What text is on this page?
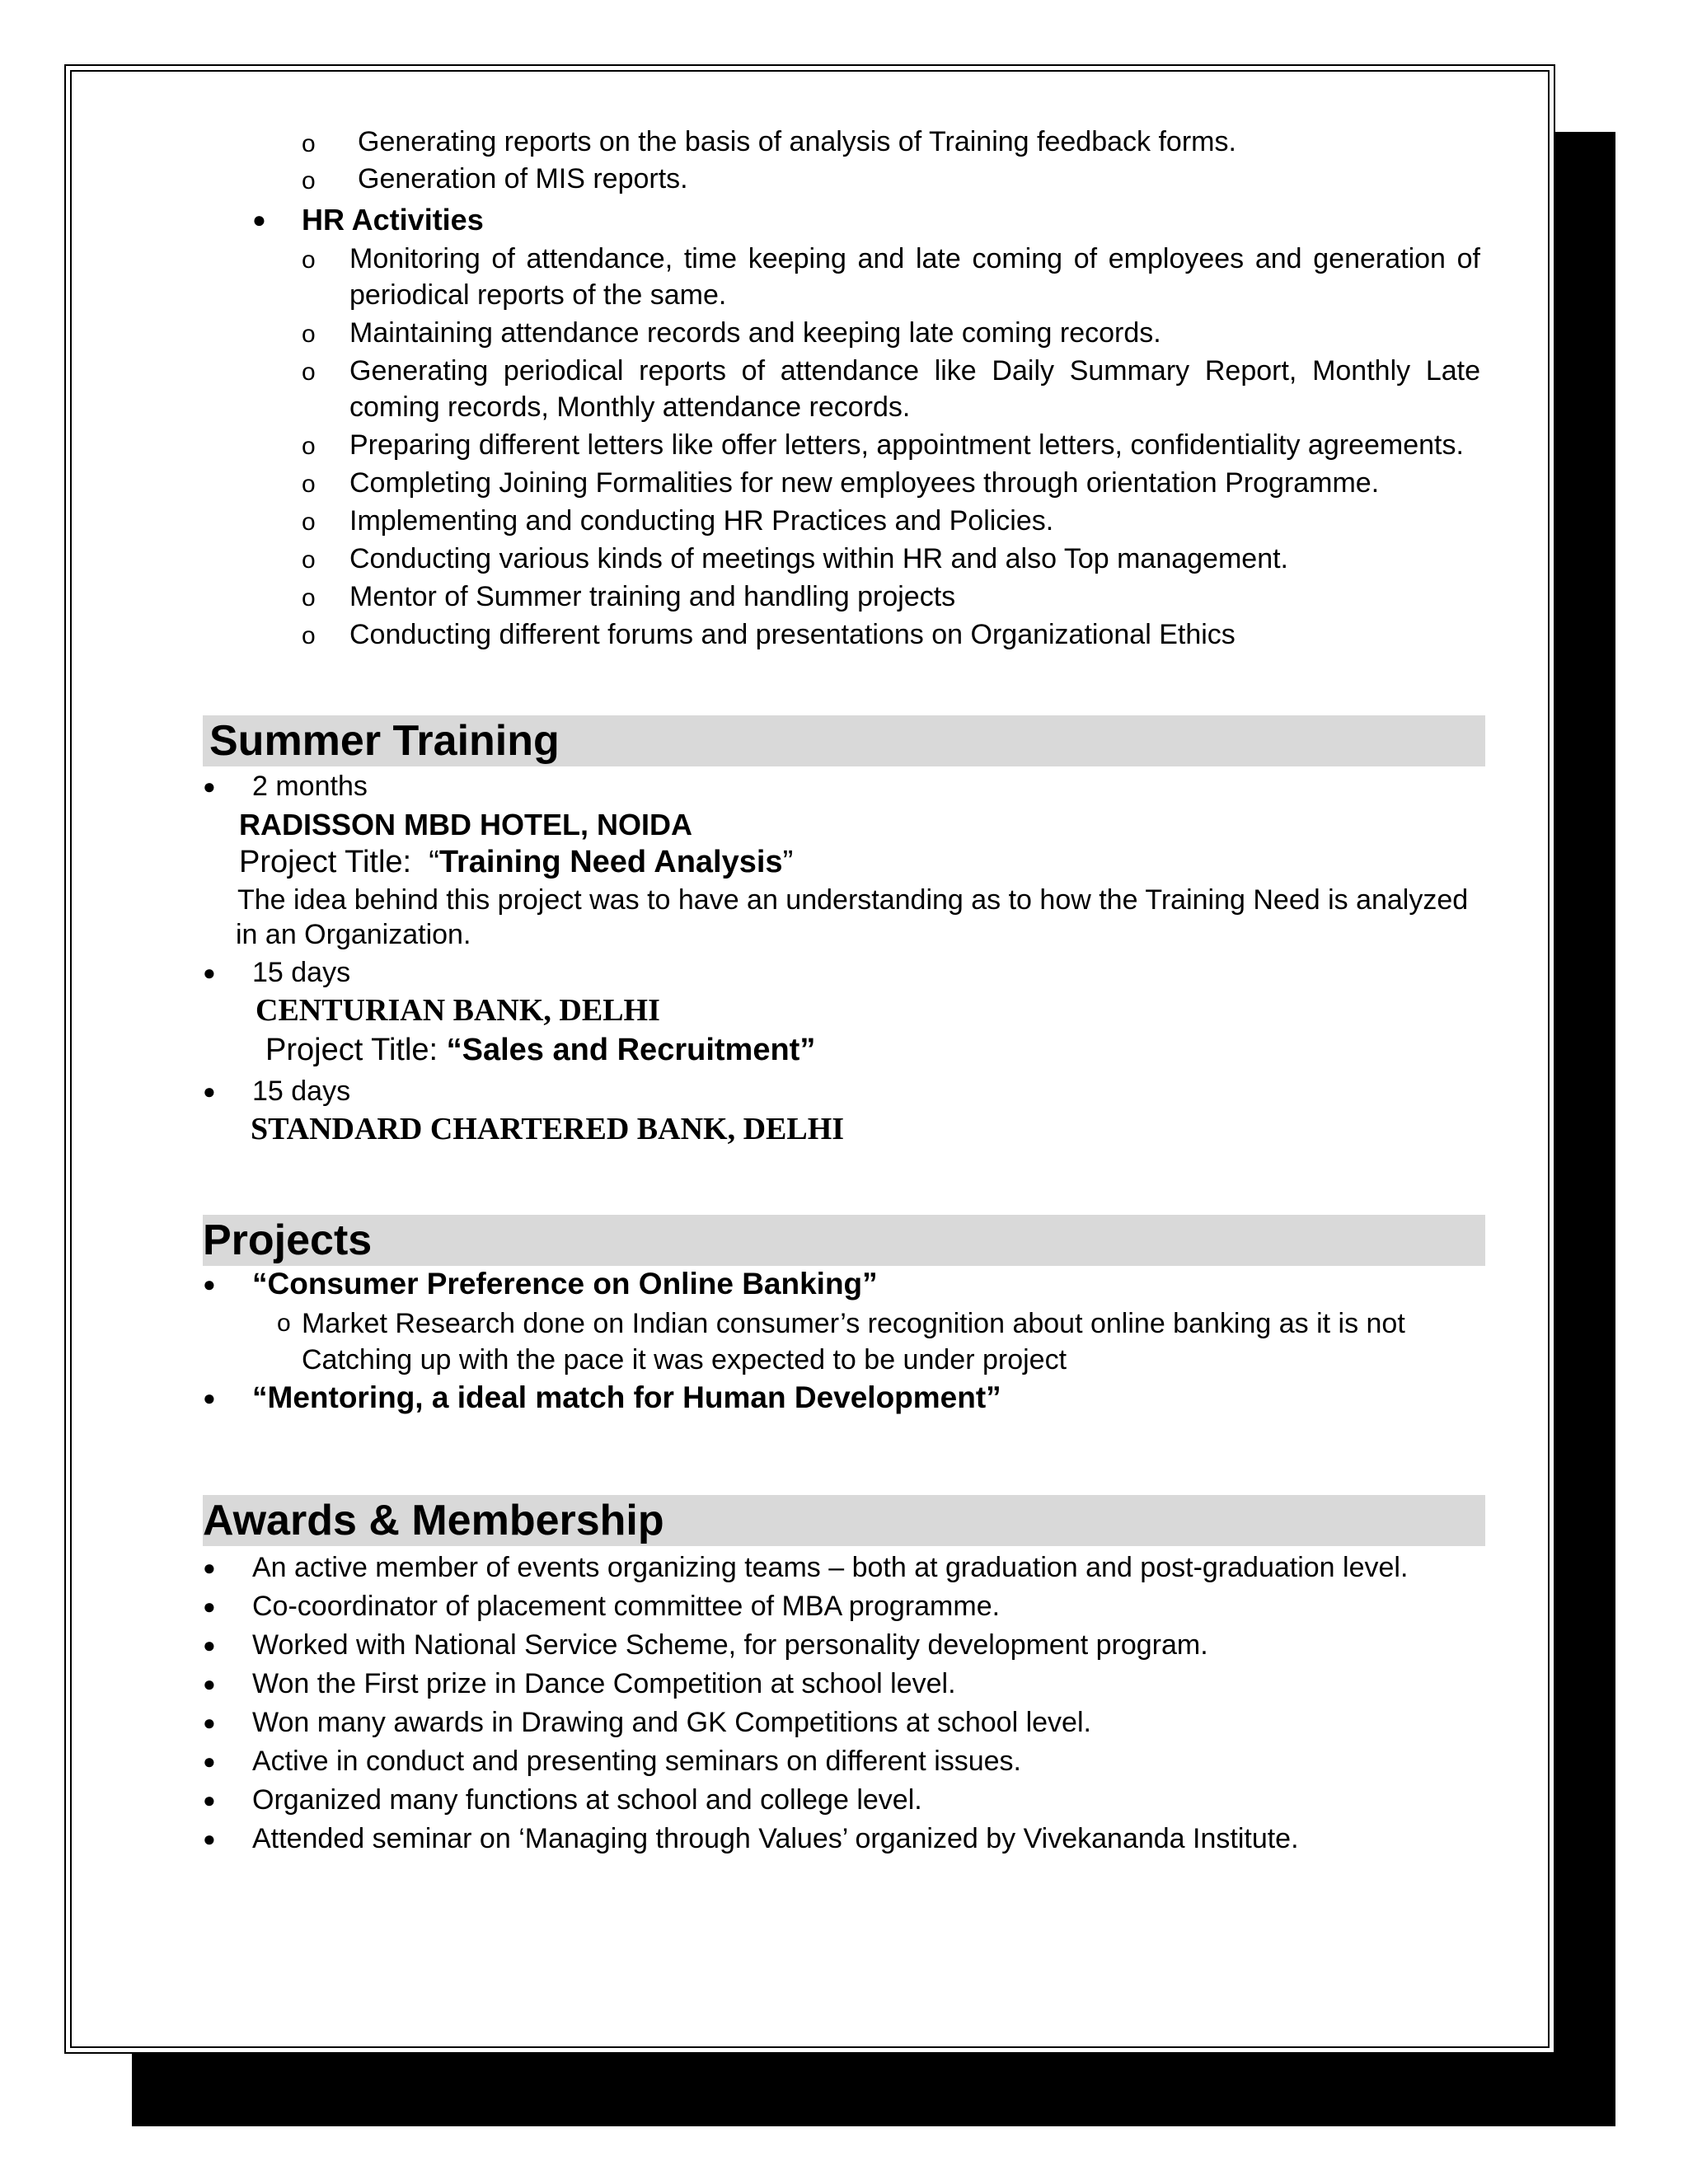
o Generating reports on the basis of analysis of Training feedback forms.
o Generation of MIS reports.
● HR Activities
o Monitoring of attendance, time keeping and late coming of employees and generation of periodical reports of the same.
o Maintaining attendance records and keeping late coming records.
o Generating periodical reports of attendance like Daily Summary Report, Monthly Late coming records, Monthly attendance records.
o Preparing different letters like offer letters, appointment letters, confidentiality agreements.
o Completing Joining Formalities for new employees through orientation Programme.
o Implementing and conducting HR Practices and Policies.
o Conducting various kinds of meetings within HR and also Top management.
o Mentor of Summer training and handling projects
o Conducting different forums and presentations on Organizational Ethics
Summer Training
● 2 months
RADISSON MBD HOTEL, NOIDA
Project Title:  “Training Need Analysis”
The idea behind this project was to have an understanding as to how the Training Need is analyzed
in an Organization.
● 15 days
CENTURIAN BANK, DELHI
Project Title: “Sales and Recruitment”
● 15 days
STANDARD CHARTERED BANK, DELHI
Projects
● “Consumer Preference on Online Banking”
o Market Research done on Indian consumer’s recognition about online banking as it is not
Catching up with the pace it was expected to be under project
● “Mentoring, a ideal match for Human Development”
Awards & Membership
● An active member of events organizing teams – both at graduation and post-graduation level.
● Co-coordinator of placement committee of MBA programme.
● Worked with National Service Scheme, for personality development program.
● Won the First prize in Dance Competition at school level.
● Won many awards in Drawing and GK Competitions at school level.
● Active in conduct and presenting seminars on different issues.
● Organized many functions at school and college level.
● Attended seminar on ‘Managing through Values’ organized by Vivekananda Institute.
